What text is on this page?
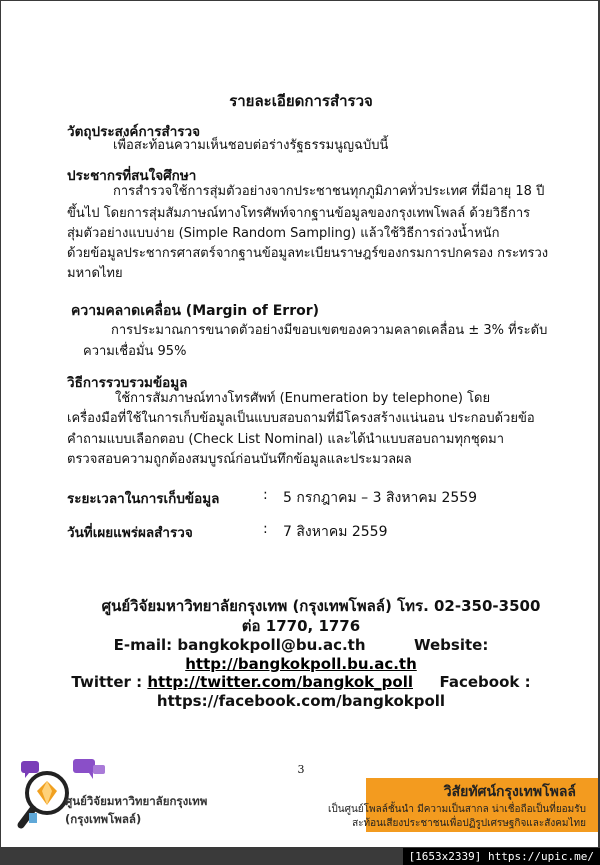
รายละเอียดการสำรวจ
วัตถุประสงค์การสำรวจ
เพื่อสะท้อนความเห็นชอบต่อร่างรัฐธรรมนูญฉบับนี้
ประชากรที่สนใจศึกษา
การสำรวจใช้การสุ่มตัวอย่างจากประชาชนทุกภูมิภาคทั่วประเทศ ที่มีอายุ 18 ปี
ขึ้นไป โดยการสุ่มสัมภาษณ์ทางโทรศัพท์จากฐานข้อมูลของกรุงเทพโพลล์ ด้วยวิธีการ
สุ่มตัวอย่างแบบง่าย (Simple Random Sampling) แล้วใช้วิธีการถ่วงน้ำหนัก
ด้วยข้อมูลประชากรศาสตร์จากฐานข้อมูลทะเบียนราษฎร์ของกรมการปกครอง กระทรวง
มหาดไทย
ความคลาดเคลื่อน (Margin of Error)
การประมาณการขนาดตัวอย่างมีขอบเขตของความคลาดเคลื่อน ± 3% ที่ระดับ
ความเชื่อมั่น 95%
วิธีการรวบรวมข้อมูล
ใช้การสัมภาษณ์ทางโทรศัพท์ (Enumeration by telephone) โดย
เครื่องมือที่ใช้ในการเก็บข้อมูลเป็นแบบสอบถามที่มีโครงสร้างแน่นอน ประกอบด้วยข้อ
คำถามแบบเลือกตอบ (Check List Nominal) และได้นำแบบสอบถามทุกชุดมา
ตรวจสอบความถูกต้องสมบูรณ์ก่อนบันทึกข้อมูลและประมวลผล
ระยะเวลาในการเก็บข้อมูล	: 5 กรกฎาคม – 3 สิงหาคม 2559
วันที่เผยแพร่ผลสำรวจ	: 7 สิงหาคม 2559
ศูนย์วิจัยมหาวิทยาลัยกรุงเทพ (กรุงเทพโพลล์) โทร. 02-350-3500
ต่อ 1770, 1776
E-mail: bangkokpoll@bu.ac.th	Website:
http://bangkokpoll.bu.ac.th
Twitter : http://twitter.com/bangkok_poll Facebook :
https://facebook.com/bangkokpoll
3
ศูนย์วิจัยมหาวิทยาลัยกรุงเทพ
(กรุงเทพโพลล์)
วิสัยทัศน์กรุงเทพโพลล์
เป็นศูนย์โพลล์ชั้นนำ มีความเป็นสากล น่าเชื่อถือเป็นที่ยอมรับ
สะท้อนเสียงประชาชนเพื่อปฏิรูปเศรษฐกิจและสังคมไทย
[1653x2339] https://upic.me/
